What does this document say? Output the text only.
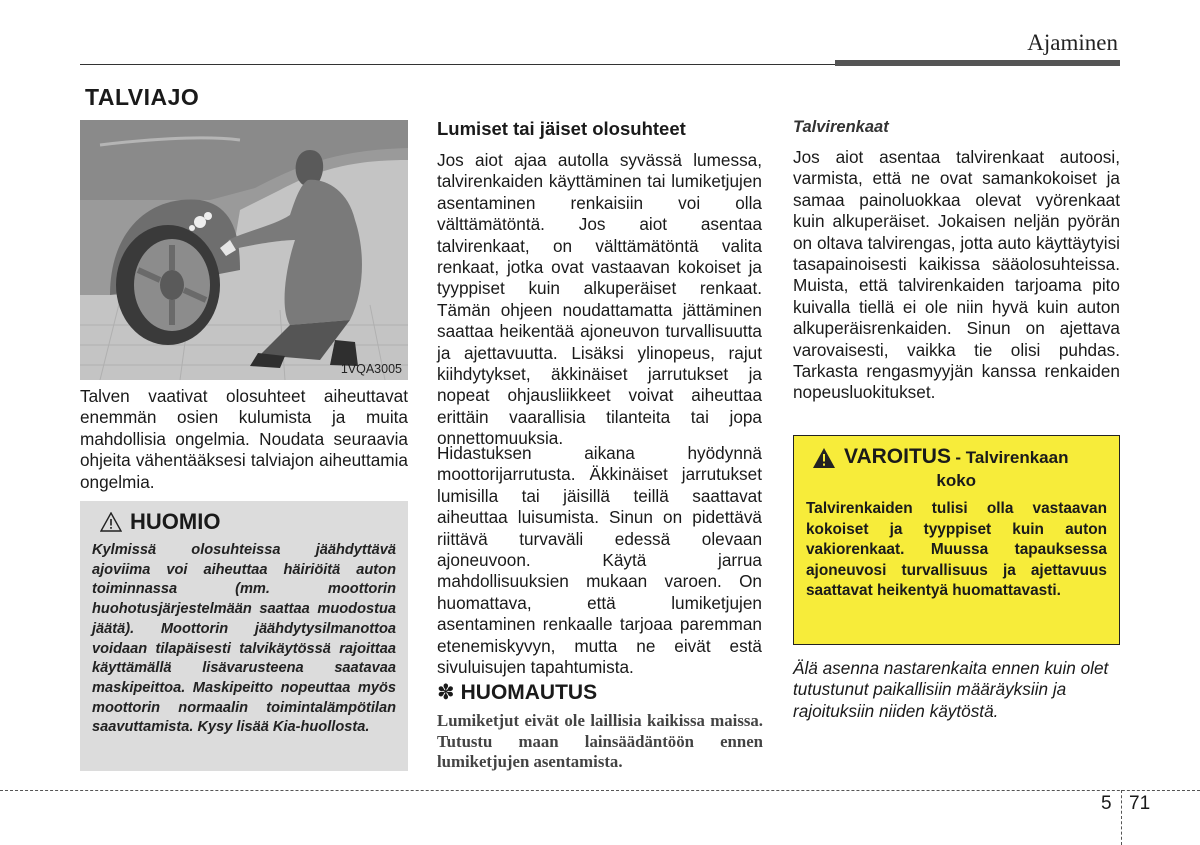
Ajaminen
TALVIAJO
1VQA3005
Talven vaativat olosuhteet aiheuttavat enemmän osien kulumista ja muita mahdollisia ongelmia. Noudata seuraavia ohjeita vähentääksesi talviajon aiheuttamia ongelmia.
HUOMIO
Kylmissä olosuhteissa jäähdyttävä ajoviima voi aiheuttaa häiriöitä auton toiminnassa (mm. moottorin huohotusjärjestelmään saattaa muodostua jäätä). Moottorin jäähdytysilmanottoa voidaan tilapäisesti talvikäytössä rajoittaa käyttämällä lisävarusteena saatavaa maskipeittoa. Maskipeitto nopeuttaa myös moottorin normaalin toimintalämpötilan saavuttamista. Kysy lisää Kia-huollosta.
Lumiset tai jäiset olosuhteet
Jos aiot ajaa autolla syvässä lumessa, talvirenkaiden käyttäminen tai lumiketjujen asentaminen renkaisiin voi olla välttämätöntä. Jos aiot asentaa talvirenkaat, on välttämätöntä valita renkaat, jotka ovat vastaavan kokoiset ja tyyppiset kuin alkuperäiset renkaat. Tämän ohjeen noudattamatta jättäminen saattaa heikentää ajoneuvon turvallisuutta ja ajettavuutta. Lisäksi ylinopeus, rajut kiihdytykset, äkkinäiset jarrutukset ja nopeat ohjausliikkeet voivat aiheuttaa erittäin vaarallisia tilanteita tai jopa onnettomuuksia.
Hidastuksen aikana hyödynnä moottorijarrutusta. Äkkinäiset jarrutukset lumisilla tai jäisillä teillä saattavat aiheuttaa luisumista. Sinun on pidettävä riittävä turvaväli edessä olevaan ajoneuvoon. Käytä jarrua mahdollisuuksien mukaan varoen. On huomattava, että lumiketjujen asentaminen renkaalle tarjoaa paremman etenemiskyvyn, mutta ne eivät estä sivuluisujen tapahtumista.
✽ HUOMAUTUS
Lumiketjut eivät ole laillisia kaikissa maissa. Tutustu maan lainsäädäntöön ennen lumiketjujen asentamista.
Talvirenkaat
Jos aiot asentaa talvirenkaat autoosi, varmista, että ne ovat samankokoiset ja samaa painoluokkaa olevat vyörenkaat kuin alkuperäiset. Jokaisen neljän pyörän on oltava talvirengas, jotta auto käyttäytyisi tasapainoisesti kaikissa sääolosuhteissa. Muista, että talvirenkaiden tarjoama pito kuivalla tiellä ei ole niin hyvä kuin auton alkuperäisrenkaiden. Sinun on ajettava varovaisesti, vaikka tie olisi puhdas. Tarkasta rengasmyyjän kanssa renkaiden nopeusluokitukset.
VAROITUS - Talvirenkaan
koko
Talvirenkaiden tulisi olla vastaavan kokoiset ja tyyppiset kuin auton vakiorenkaat. Muussa tapauksessa ajoneuvosi turvallisuus ja ajettavuus saattavat heikentyä huomattavasti.
Älä asenna nastarenkaita ennen kuin olet tutustunut paikallisiin määräyksiin ja rajoituksiin niiden käytöstä.
5 71
